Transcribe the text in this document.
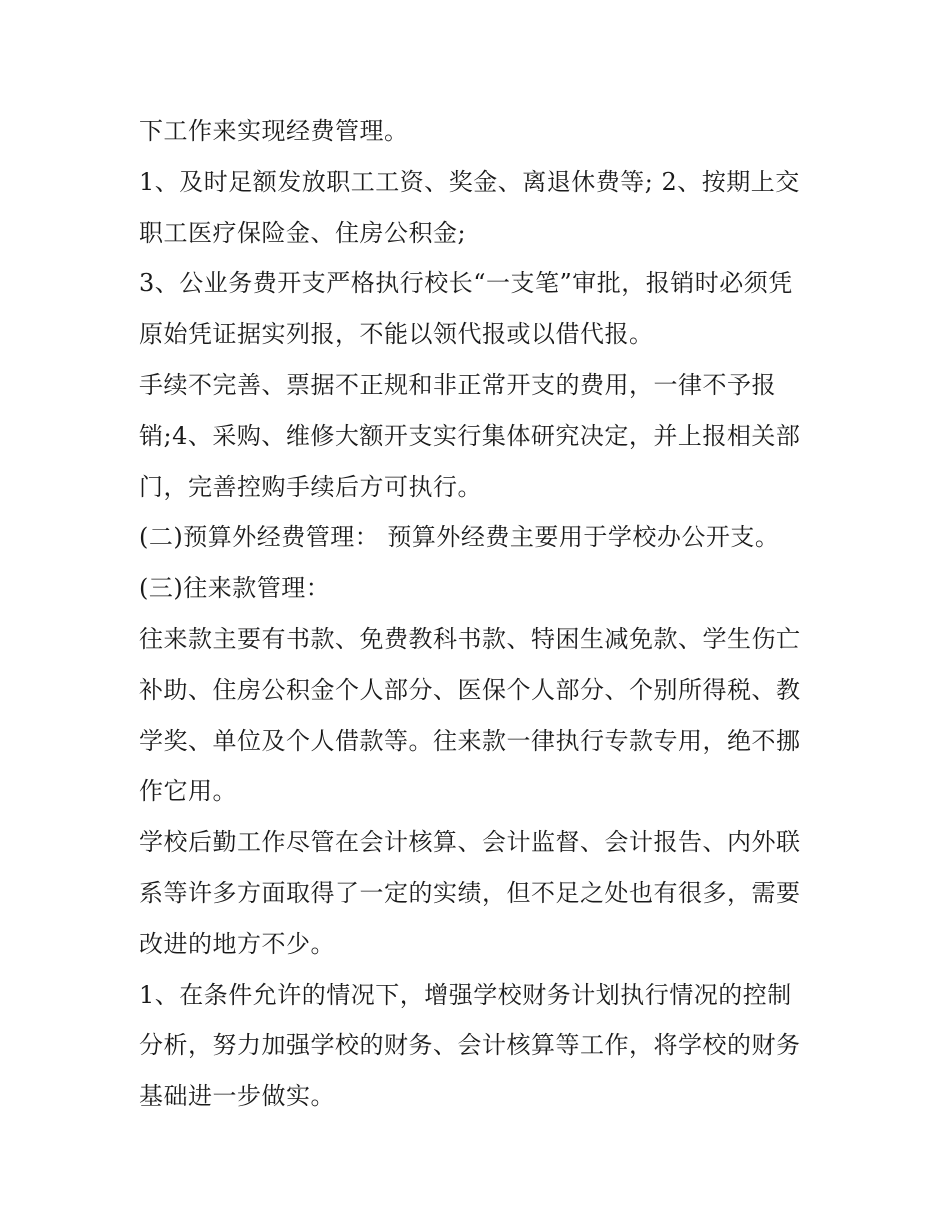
下工作来实现经费管理。
1、及时足额发放职工工资、奖金、离退休费等; 2、按期上交
职工医疗保险金、住房公积金;
3、公业务费开支严格执行校长“一支笔”审批，报销时必须凭
原始凭证据实列报，不能以领代报或以借代报。
手续不完善、票据不正规和非正常开支的费用，一律不予报
销;4、采购、维修大额开支实行集体研究决定，并上报相关部
门，完善控购手续后方可执行。
(二)预算外经费管理： 预算外经费主要用于学校办公开支。
(三)往来款管理：
往来款主要有书款、免费教科书款、特困生减免款、学生伤亡
补助、住房公积金个人部分、医保个人部分、个别所得税、教
学奖、单位及个人借款等。往来款一律执行专款专用，绝不挪
作它用。
学校后勤工作尽管在会计核算、会计监督、会计报告、内外联
系等许多方面取得了一定的实绩，但不足之处也有很多，需要
改进的地方不少。
1、在条件允许的情况下，增强学校财务计划执行情况的控制
分析，努力加强学校的财务、会计核算等工作，将学校的财务
基础进一步做实。
